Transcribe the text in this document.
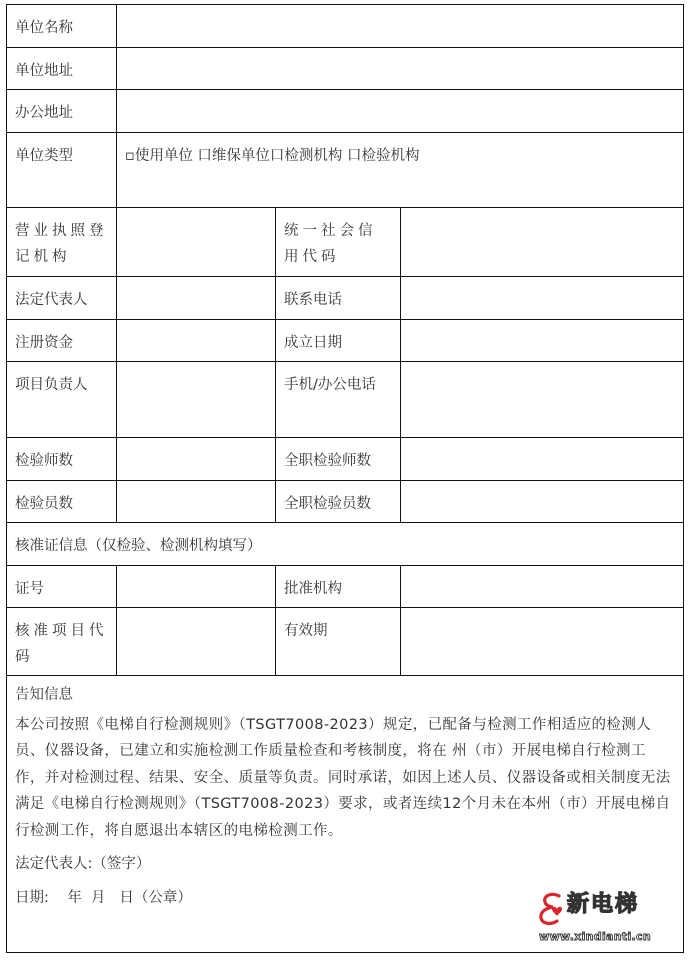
单位名称			
单位地址			
办公地址			
单位类型	▫使用单位 口维保单位口检测机构 口检验机构		
营业执照登记机构		统一社会信用代码	
法定代表人		联系电话	
注册资金		成立日期	
项目负责人		手机/办公电话	
检验师数		全职检验师数	
检验员数		全职检验员数	
核准证信息（仅检验、检测机构填写）			
证号		批准机构	
核准项目代码		有效期	

告知信息

本公司按照《电梯自行检测规则》（TSGT7008-2023）规定，已配备与检测工作相适应的检测人员、仪器设备，已建立和实施检测工作质量检查和考核制度，将在 州（市）开展电梯自行检测工作，并对检测过程、结果、安全、质量等负责。同时承诺，如因上述人员、仪器设备或相关制度无法满足《电梯自行检测规则》（TSGT7008-2023）要求，或者连续12个月未在本州（市）开展电梯自行检测工作，将自愿退出本辖区的电梯检测工作。

法定代表人:（签字）

日期:    年  月   日（公章）	新电梯
www.xindianti.cn
